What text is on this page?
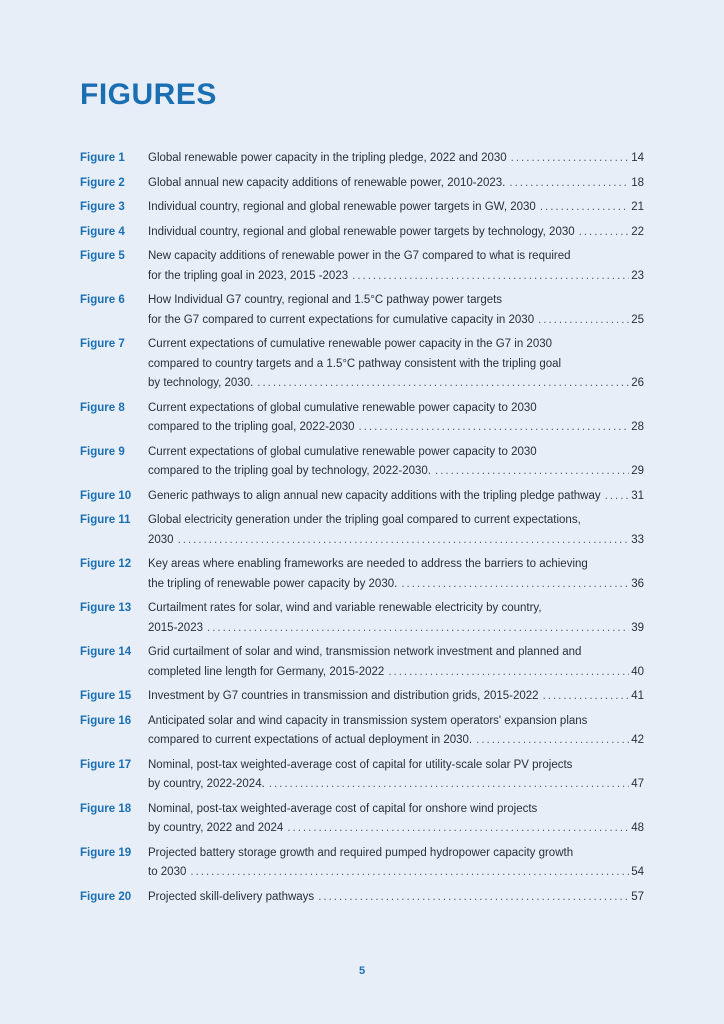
FIGURES
Figure 1	Global renewable power capacity in the tripling pledge, 2022 and 2030 .....	14
Figure 2	Global annual new capacity additions of renewable power, 2010-2023. .....	18
Figure 3	Individual country, regional and global renewable power targets in GW, 2030 .....	21
Figure 4	Individual country, regional and global renewable power targets by technology, 2030 .....	22
Figure 5	New capacity additions of renewable power in the G7 compared to what is required
for the tripling goal in 2023, 2015 -2023 .....	23
Figure 6	How Individual G7 country, regional and 1.5°C pathway power targets
for the G7 compared to current expectations for cumulative capacity in 2030 .....	25
Figure 7	Current expectations of cumulative renewable power capacity in the G7 in 2030
compared to country targets and a 1.5°C pathway consistent with the tripling goal
by technology, 2030. .....	26
Figure 8	Current expectations of global cumulative renewable power capacity to 2030
compared to the tripling goal, 2022-2030 .....	28
Figure 9	Current expectations of global cumulative renewable power capacity to 2030
compared to the tripling goal by technology, 2022-2030. .....	29
Figure 10	Generic pathways to align annual new capacity additions with the tripling pledge pathway .....	31
Figure 11	Global electricity generation under the tripling goal compared to current expectations,
2030 .....	33
Figure 12	Key areas where enabling frameworks are needed to address the barriers to achieving
the tripling of renewable power capacity by 2030. .....	36
Figure 13	Curtailment rates for solar, wind and variable renewable electricity by country,
2015-2023 .....	39
Figure 14	Grid curtailment of solar and wind, transmission network investment and planned and
completed line length for Germany, 2015-2022 .....	40
Figure 15	Investment by G7 countries in transmission and distribution grids, 2015-2022 .....	41
Figure 16	Anticipated solar and wind capacity in transmission system operators' expansion plans
compared to current expectations of actual deployment in 2030. .....	42
Figure 17	Nominal, post-tax weighted-average cost of capital for utility-scale solar PV projects
by country, 2022-2024. .....	47
Figure 18	Nominal, post-tax weighted-average cost of capital for onshore wind projects
by country, 2022 and 2024 .....	48
Figure 19	Projected battery storage growth and required pumped hydropower capacity growth
to 2030 .....	54
Figure 20	Projected skill-delivery pathways .....	57
5
